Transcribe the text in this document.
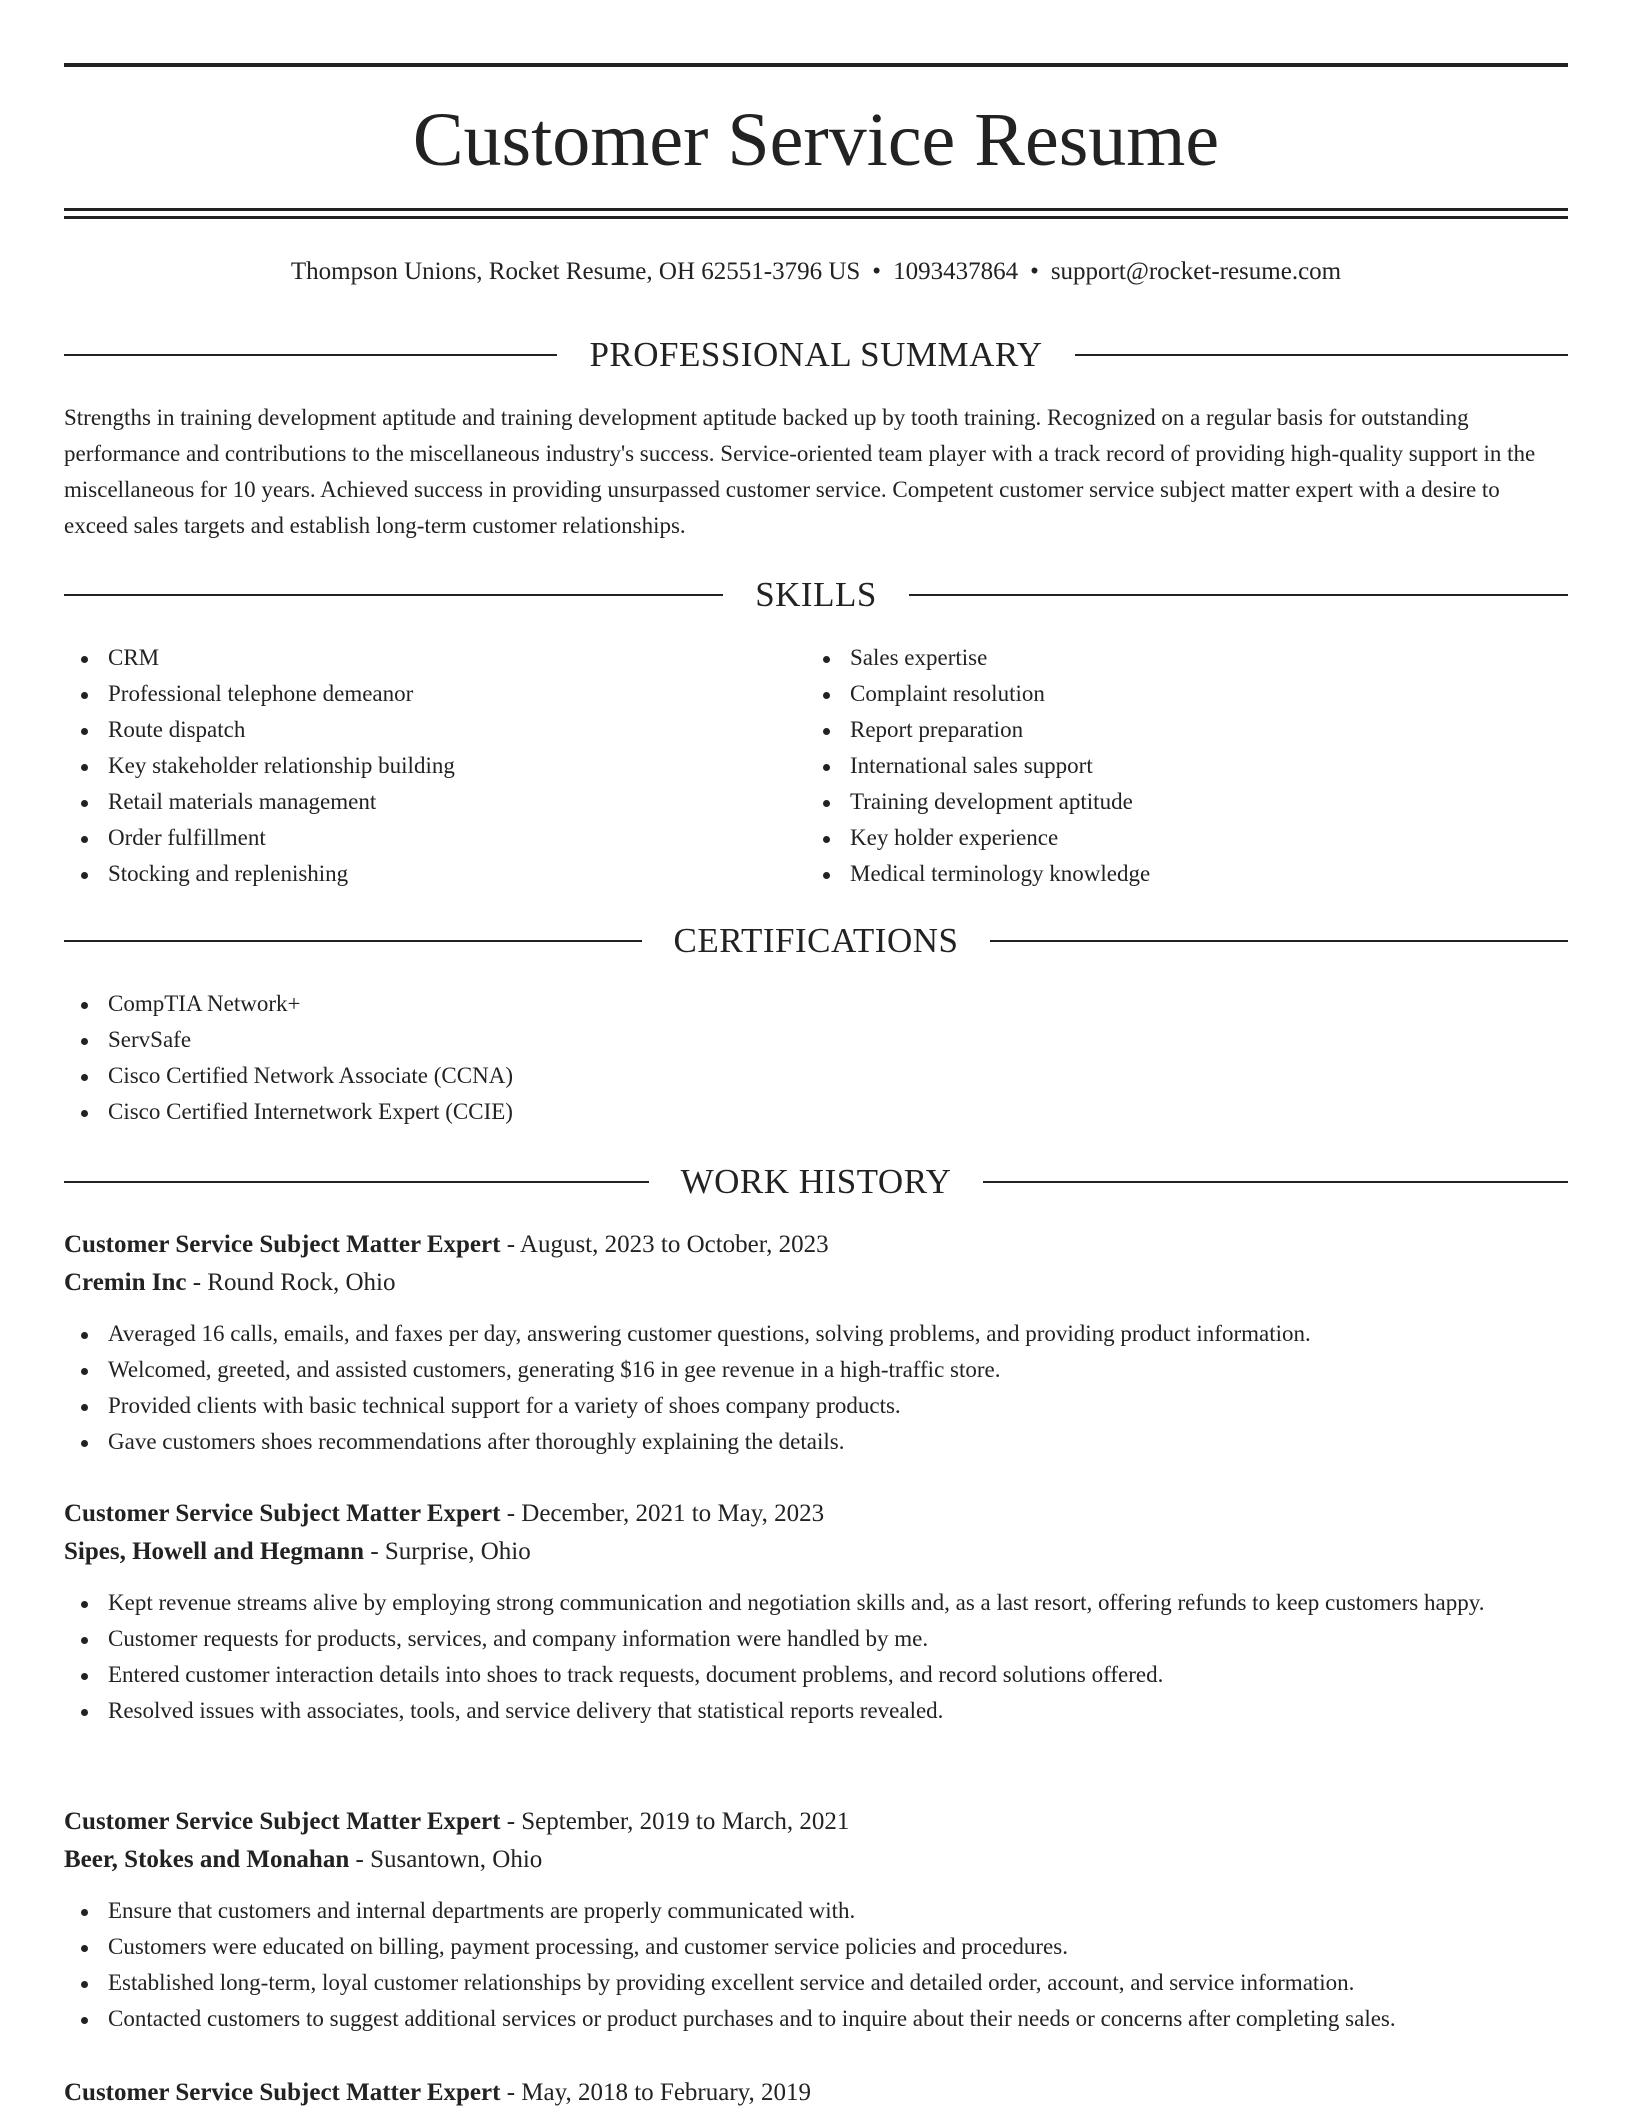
Customer Service Resume
Thompson Unions, Rocket Resume, OH 62551-3796 US • 1093437864 • support@rocket-resume.com
PROFESSIONAL SUMMARY

Strengths in training development aptitude and training development aptitude backed up by tooth training. Recognized on a regular basis for outstanding performance and contributions to the miscellaneous industry's success. Service-oriented team player with a track record of providing high-quality support in the miscellaneous for 10 years. Achieved success in providing unsurpassed customer service. Competent customer service subject matter expert with a desire to exceed sales targets and establish long-term customer relationships.

SKILLS
CRM
Professional telephone demeanor
Route dispatch
Key stakeholder relationship building
Retail materials management
Order fulfillment
Stocking and replenishing
Sales expertise
Complaint resolution
Report preparation
International sales support
Training development aptitude
Key holder experience
Medical terminology knowledge
CERTIFICATIONS
CompTIA Network+
ServSafe
Cisco Certified Network Associate (CCNA)
Cisco Certified Internetwork Expert (CCIE)
WORK HISTORY

Customer Service Subject Matter Expert - August, 2023 to October, 2023

Cremin Inc - Round Rock, Ohio

Averaged 16 calls, emails, and faxes per day, answering customer questions, solving problems, and providing product information.
Welcomed, greeted, and assisted customers, generating $16 in gee revenue in a high-traffic store.
Provided clients with basic technical support for a variety of shoes company products.
Gave customers shoes recommendations after thoroughly explaining the details.

Customer Service Subject Matter Expert - December, 2021 to May, 2023

Sipes, Howell and Hegmann - Surprise, Ohio

Kept revenue streams alive by employing strong communication and negotiation skills and, as a last resort, offering refunds to keep customers happy.
Customer requests for products, services, and company information were handled by me.
Entered customer interaction details into shoes to track requests, document problems, and record solutions offered.
Resolved issues with associates, tools, and service delivery that statistical reports revealed.

Customer Service Subject Matter Expert - September, 2019 to March, 2021

Beer, Stokes and Monahan - Susantown, Ohio

Ensure that customers and internal departments are properly communicated with.
Customers were educated on billing, payment processing, and customer service policies and procedures.
Established long-term, loyal customer relationships by providing excellent service and detailed order, account, and service information.
Contacted customers to suggest additional services or product purchases and to inquire about their needs or concerns after completing sales.

Customer Service Subject Matter Expert - May, 2018 to February, 2019
